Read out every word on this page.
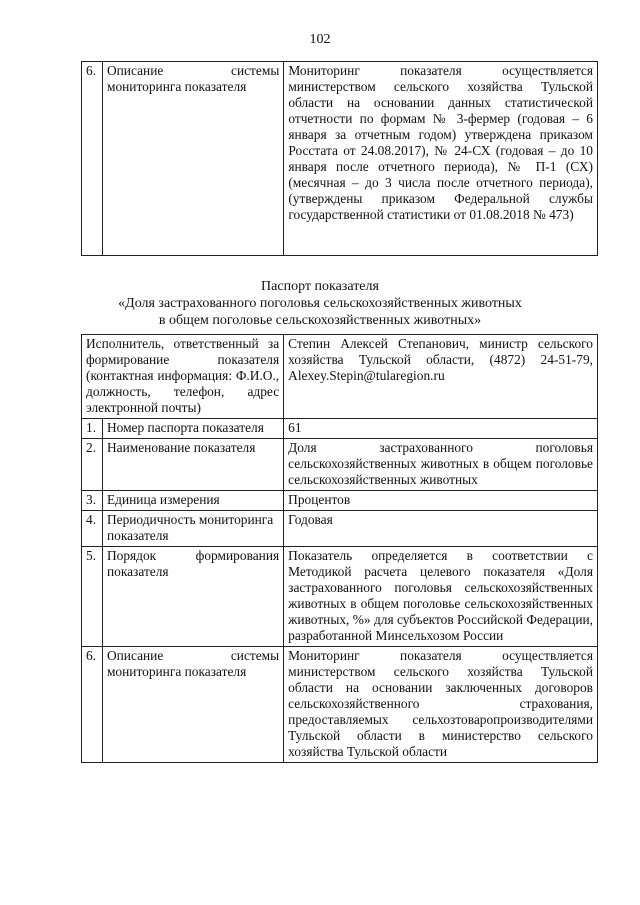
102
6.	Описание системы мониторинга показателя	Мониторинг показателя осуществляется министерством сельского хозяйства Тульской области на основании данных статистической отчетности по формам № 3-фермер (годовая – 6 января за отчетным годом) утверждена приказом Росстата от 24.08.2017), № 24-СХ (годовая – до 10 января после отчетного периода), № П-1 (СХ) (месячная – до 3 числа после отчетного периода), (утверждены приказом Федеральной службы государственной статистики от 01.08.2018 № 473)
Паспорт показателя
«Доля застрахованного поголовья сельскохозяйственных животных
в общем поголовье сельскохозяйственных животных»
Исполнитель, ответственный за формирование показателя (контактная информация: Ф.И.О., должность, телефон, адрес электронной почты)		Степин Алексей Степанович, министр сельского хозяйства Тульской области, (4872) 24-51-79, Alexey.Stepin@tularegion.ru
1.	Номер паспорта показателя	61
2.	Наименование показателя	Доля застрахованного поголовья сельскохозяйственных животных в общем поголовье сельскохозяйственных животных
3.	Единица измерения	Процентов
4.	Периодичность мониторинга показателя	Годовая
5.	Порядок формирования показателя	Показатель определяется в соответствии с Методикой расчета целевого показателя «Доля застрахованного поголовья сельскохозяйственных животных в общем поголовье сельскохозяйственных животных, %» для субъектов Российской Федерации, разработанной Минсельхозом России
6.	Описание системы мониторинга показателя	Мониторинг показателя осуществляется министерством сельского хозяйства Тульской области на основании заключенных договоров сельскохозяйственного страхования, предоставляемых сельхозтоваропроизводителями Тульской области в министерство сельского хозяйства Тульской области
